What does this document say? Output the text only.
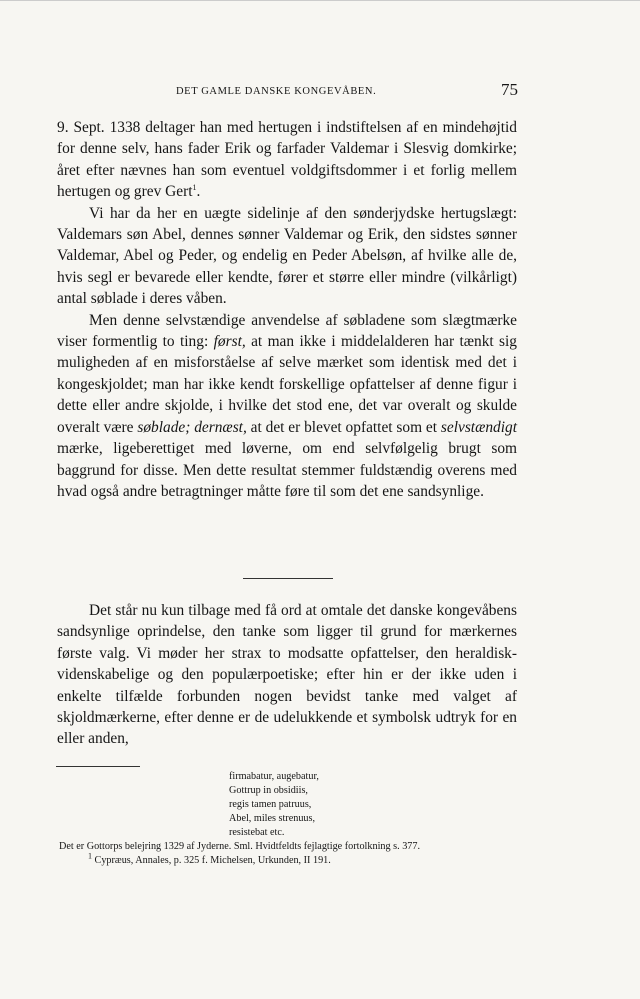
DET GAMLE DANSKE KONGEVÅBEN.	75

9. Sept. 1338 deltager han med hertugen i indstiftelsen af en mindehøjtid for denne selv, hans fader Erik og farfader Valdemar i Slesvig domkirke; året efter nævnes han som eventuel voldgiftsdommer i et forlig mellem hertugen og grev Gert$^1$.

Vi har da her en uægte sidelinje af den sønderjydske hertugslægt: Valdemars søn Abel, dennes sønner Valdemar og Erik, den sidstes sønner Valdemar, Abel og Peder, og endelig en Peder Abelsøn, af hvilke alle de, hvis segl er bevarede eller kendte, fører et større eller mindre (vilkårligt) antal søblade i deres våben.

Men denne selvstændige anvendelse af søbladene som slægtmærke viser formentlig to ting: først, at man ikke i middelalderen har tænkt sig muligheden af en misforståelse af selve mærket som identisk med det i kongeskjoldet; man har ikke kendt forskellige opfattelser af denne figur i dette eller andre skjolde, i hvilke det stod ene, det var overalt og skulde overalt være søblade; dernæst, at det er blevet opfattet som et selvstændigt mærke, ligeberettiget med løverne, om end selvfølgelig brugt som baggrund for disse. Men dette resultat stemmer fuldstændig overens med hvad også andre betragtninger måtte føre til som det ene sandsynlige.

Det står nu kun tilbage med få ord at omtale det danske kongevåbens sandsynlige oprindelse, den tanke som ligger til grund for mærkernes første valg. Vi møder her strax to modsatte opfattelser, den heraldisk-videnskabelige og den populærpoetiske; efter hin er der ikke uden i enkelte tilfælde forbunden nogen bevidst tanke med valget af skjoldmærkerne, efter denne er de udelukkende et symbolsk udtryk for en eller anden,

firmabatur, augebatur,
Gottrup in obsidiis,
regis tamen patruus,
Abel, miles strenuus,
resistebat etc.
Det er Gottorps belejring 1329 af Jyderne. Sml. Hvidtfeldts fejlagtige fortolkning s. 377.
$^1$ Cypræus, Annales, p. 325 f. Michelsen, Urkunden, II 191.
